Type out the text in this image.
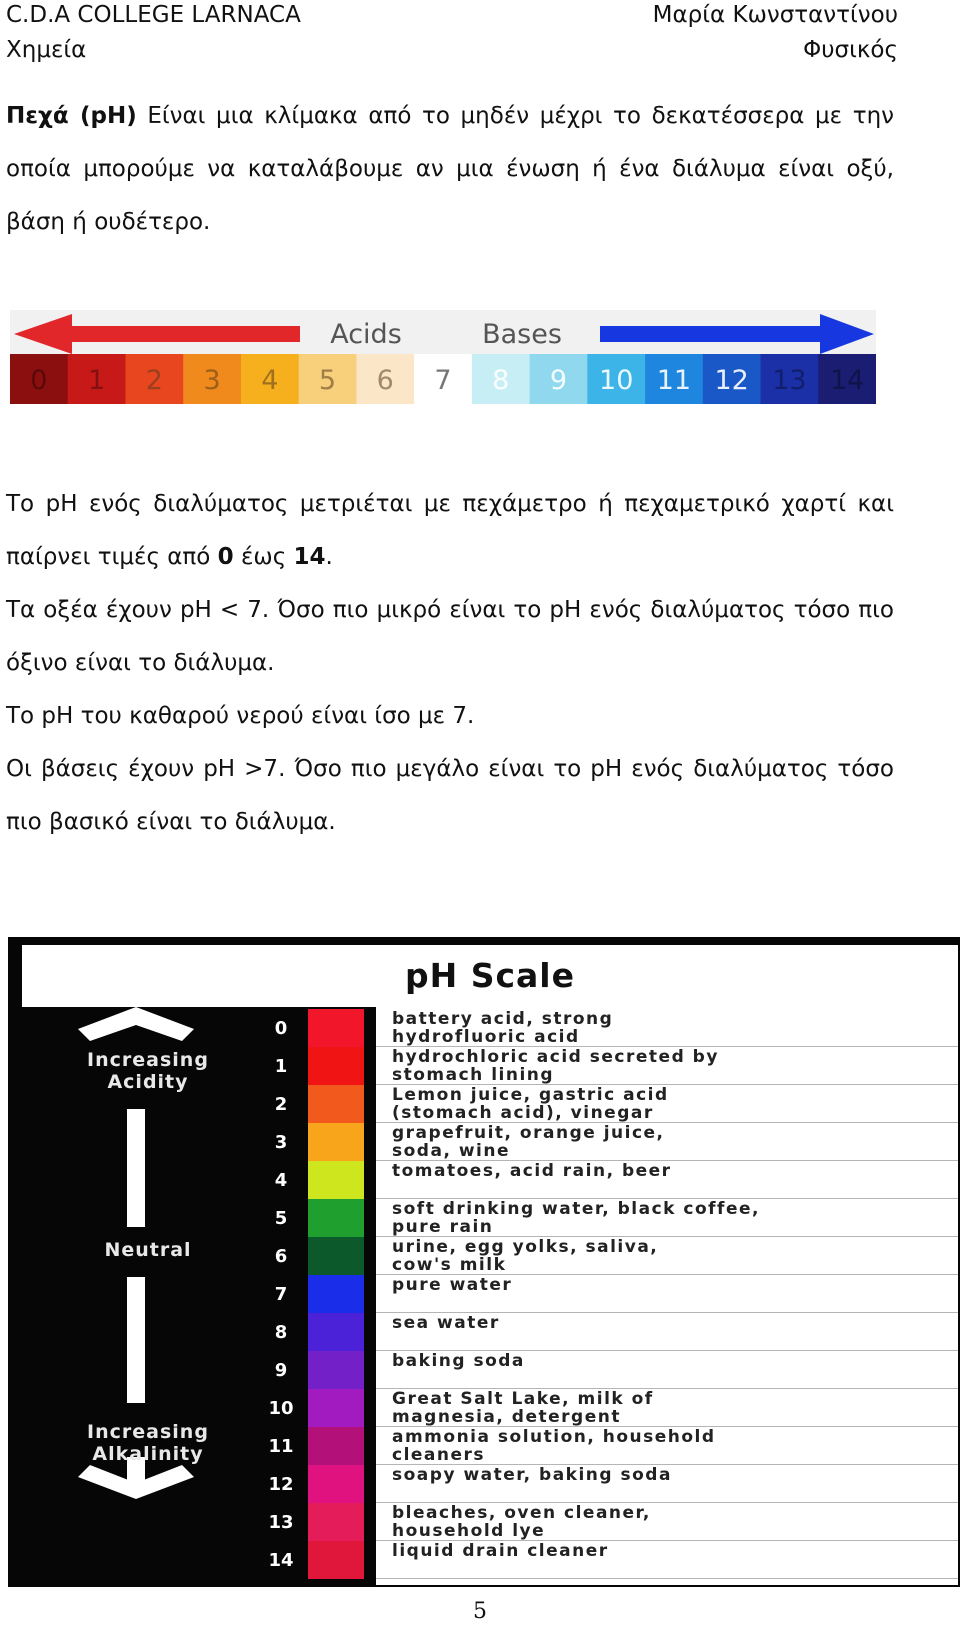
C.D.A COLLEGE LARNACA
Χημεία
Μαρία Κωνσταντίνου
Φυσικός
Πεχά (pH) Είναι μια κλίμακα από το μηδέν μέχρι το δεκατέσσερα με την οποία μπορούμε να καταλάβουμε αν μια ένωση ή ένα διάλυμα είναι οξύ, βάση ή ουδέτερο.
Acids	Bases
0 1 2 3 4 5 6 7 8 9 10 11 12 13 14
Το pH ενός διαλύματος μετριέται με πεχάμετρο ή πεχαμετρικό χαρτί και παίρνει τιμές από 0 έως 14.
Τα οξέα έχουν pH < 7. Όσο πιο μικρό είναι το pH ενός διαλύματος τόσο πιο όξινο είναι το διάλυμα.
Το pH του καθαρού νερού είναι ίσο με 7.
Οι βάσεις έχουν pH >7. Όσο πιο μεγάλο είναι το pH ενός διαλύματος τόσο πιο βασικό είναι το διάλυμα.
pH Scale
Increasing
Acidity
Neutral
Increasing
Alkalinity
0	battery acid, strong
hydrofluoric acid
1	hydrochloric acid secreted by
stomach lining
2	Lemon juice, gastric acid
(stomach acid), vinegar
3	grapefruit, orange juice,
soda, wine
4	tomatoes, acid rain, beer
5	soft drinking water, black coffee,
pure rain
6	urine, egg yolks, saliva,
cow's milk
7	pure water
8	sea water
9	baking soda
10	Great Salt Lake, milk of
magnesia, detergent
11	ammonia solution, household
cleaners
12	soapy water, baking soda
13	bleaches, oven cleaner,
household lye
14	liquid drain cleaner
5
